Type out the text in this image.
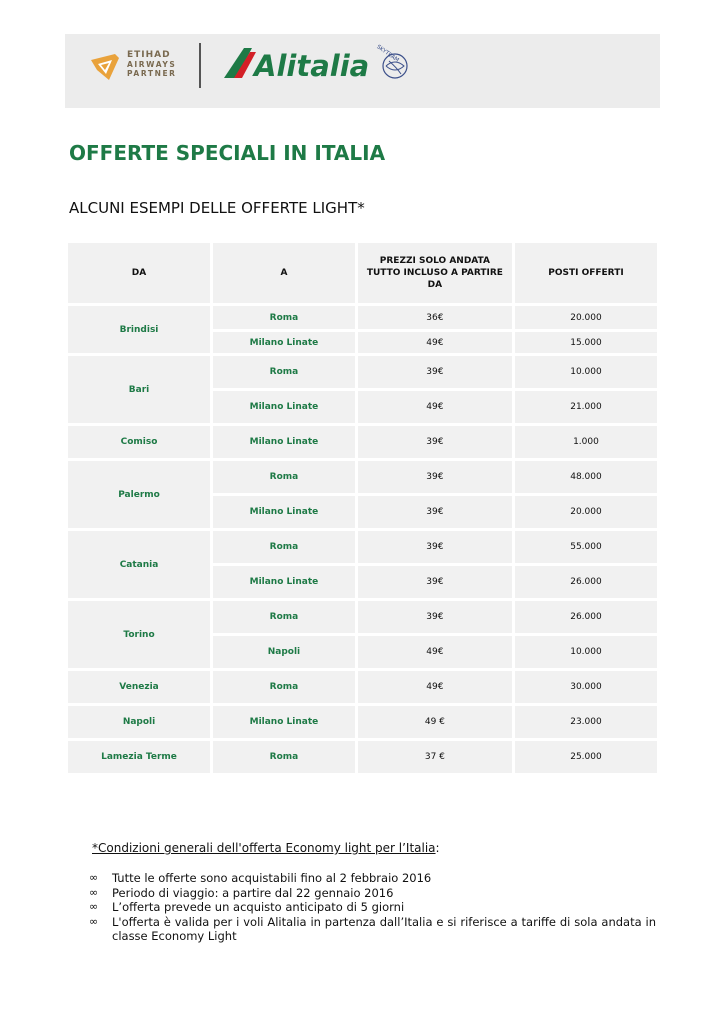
ETIHAD
AIRWAYS
PARTNER	Alitalia SKYTEAM
OFFERTE SPECIALI IN ITALIA
ALCUNI ESEMPI DELLE OFFERTE LIGHT*
DA	A	PREZZI SOLO ANDATA TUTTO INCLUSO A PARTIRE DA	POSTI OFFERTI
Brindisi	Roma	36€	20.000
	Milano Linate	49€	15.000
Bari	Roma	39€	10.000
	Milano Linate	49€	21.000
Comiso	Milano Linate	39€	1.000
Palermo	Roma	39€	48.000
	Milano Linate	39€	20.000
Catania	Roma	39€	55.000
	Milano Linate	39€	26.000
Torino	Roma	39€	26.000
	Napoli	49€	10.000
Venezia	Roma	49€	30.000
Napoli	Milano Linate	49 €	23.000
Lamezia Terme	Roma	37 €	25.000
*Condizioni generali dell'offerta Economy light per l’Italia:
∞ Tutte le offerte sono acquistabili fino al 2 febbraio 2016
∞ Periodo di viaggio: a partire dal 22 gennaio 2016
∞ L’offerta prevede un acquisto anticipato di 5 giorni
∞ L'offerta è valida per i voli Alitalia in partenza dall’Italia e si riferisce a tariffe di sola andata in classe Economy Light
